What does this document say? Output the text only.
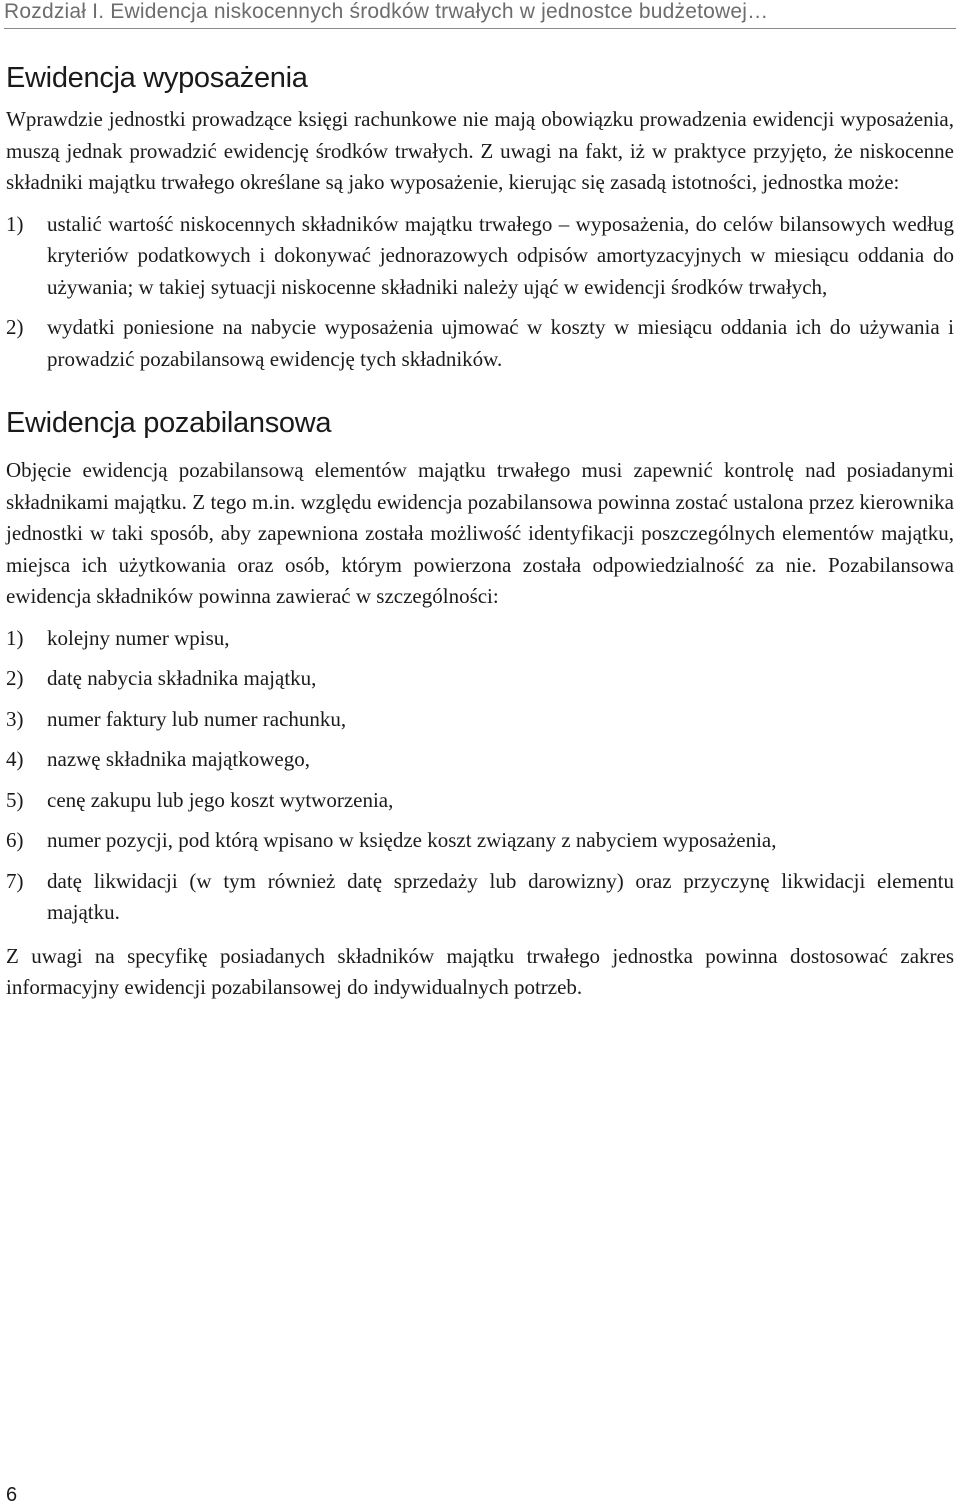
Rozdział I. Ewidencja niskocennych środków trwałych w jednostce budżetowej…
Ewidencja wyposażenia

Wprawdzie jednostki prowadzące księgi rachunkowe nie mają obowiązku prowadzenia ewidencji wyposażenia, muszą jednak prowadzić ewidencję środków trwałych. Z uwagi na fakt, iż w praktyce przyjęto, że niskocenne składniki majątku trwałego określane są jako wyposażenie, kierując się zasadą istotności, jednostka może:

1) ustalić wartość niskocennych składników majątku trwałego – wyposażenia, do celów bilansowych według kryteriów podatkowych i dokonywać jednorazowych odpisów amortyzacyjnych w miesiącu oddania do używania; w takiej sytuacji niskocenne składniki należy ująć w ewidencji środków trwałych,
2) wydatki poniesione na nabycie wyposażenia ujmować w koszty w miesiącu oddania ich do używania i prowadzić pozabilansową ewidencję tych składników.
Ewidencja pozabilansowa

Objęcie ewidencją pozabilansową elementów majątku trwałego musi zapewnić kontrolę nad posiadanymi składnikami majątku. Z tego m.in. względu ewidencja pozabilansowa powinna zostać ustalona przez kierownika jednostki w taki sposób, aby zapewniona została możliwość identyfikacji poszczególnych elementów majątku, miejsca ich użytkowania oraz osób, którym powierzona została odpowiedzialność za nie. Pozabilansowa ewidencja składników powinna zawierać w szczególności:

1) kolejny numer wpisu,
2) datę nabycia składnika majątku,
3) numer faktury lub numer rachunku,
4) nazwę składnika majątkowego,
5) cenę zakupu lub jego koszt wytworzenia,
6) numer pozycji, pod którą wpisano w księdze koszt związany z nabyciem wyposażenia,
7) datę likwidacji (w tym również datę sprzedaży lub darowizny) oraz przyczynę likwidacji elementu majątku.

Z uwagi na specyfikę posiadanych składników majątku trwałego jednostka powinna dostosować zakres informacyjny ewidencji pozabilansowej do indywidualnych potrzeb.

6
